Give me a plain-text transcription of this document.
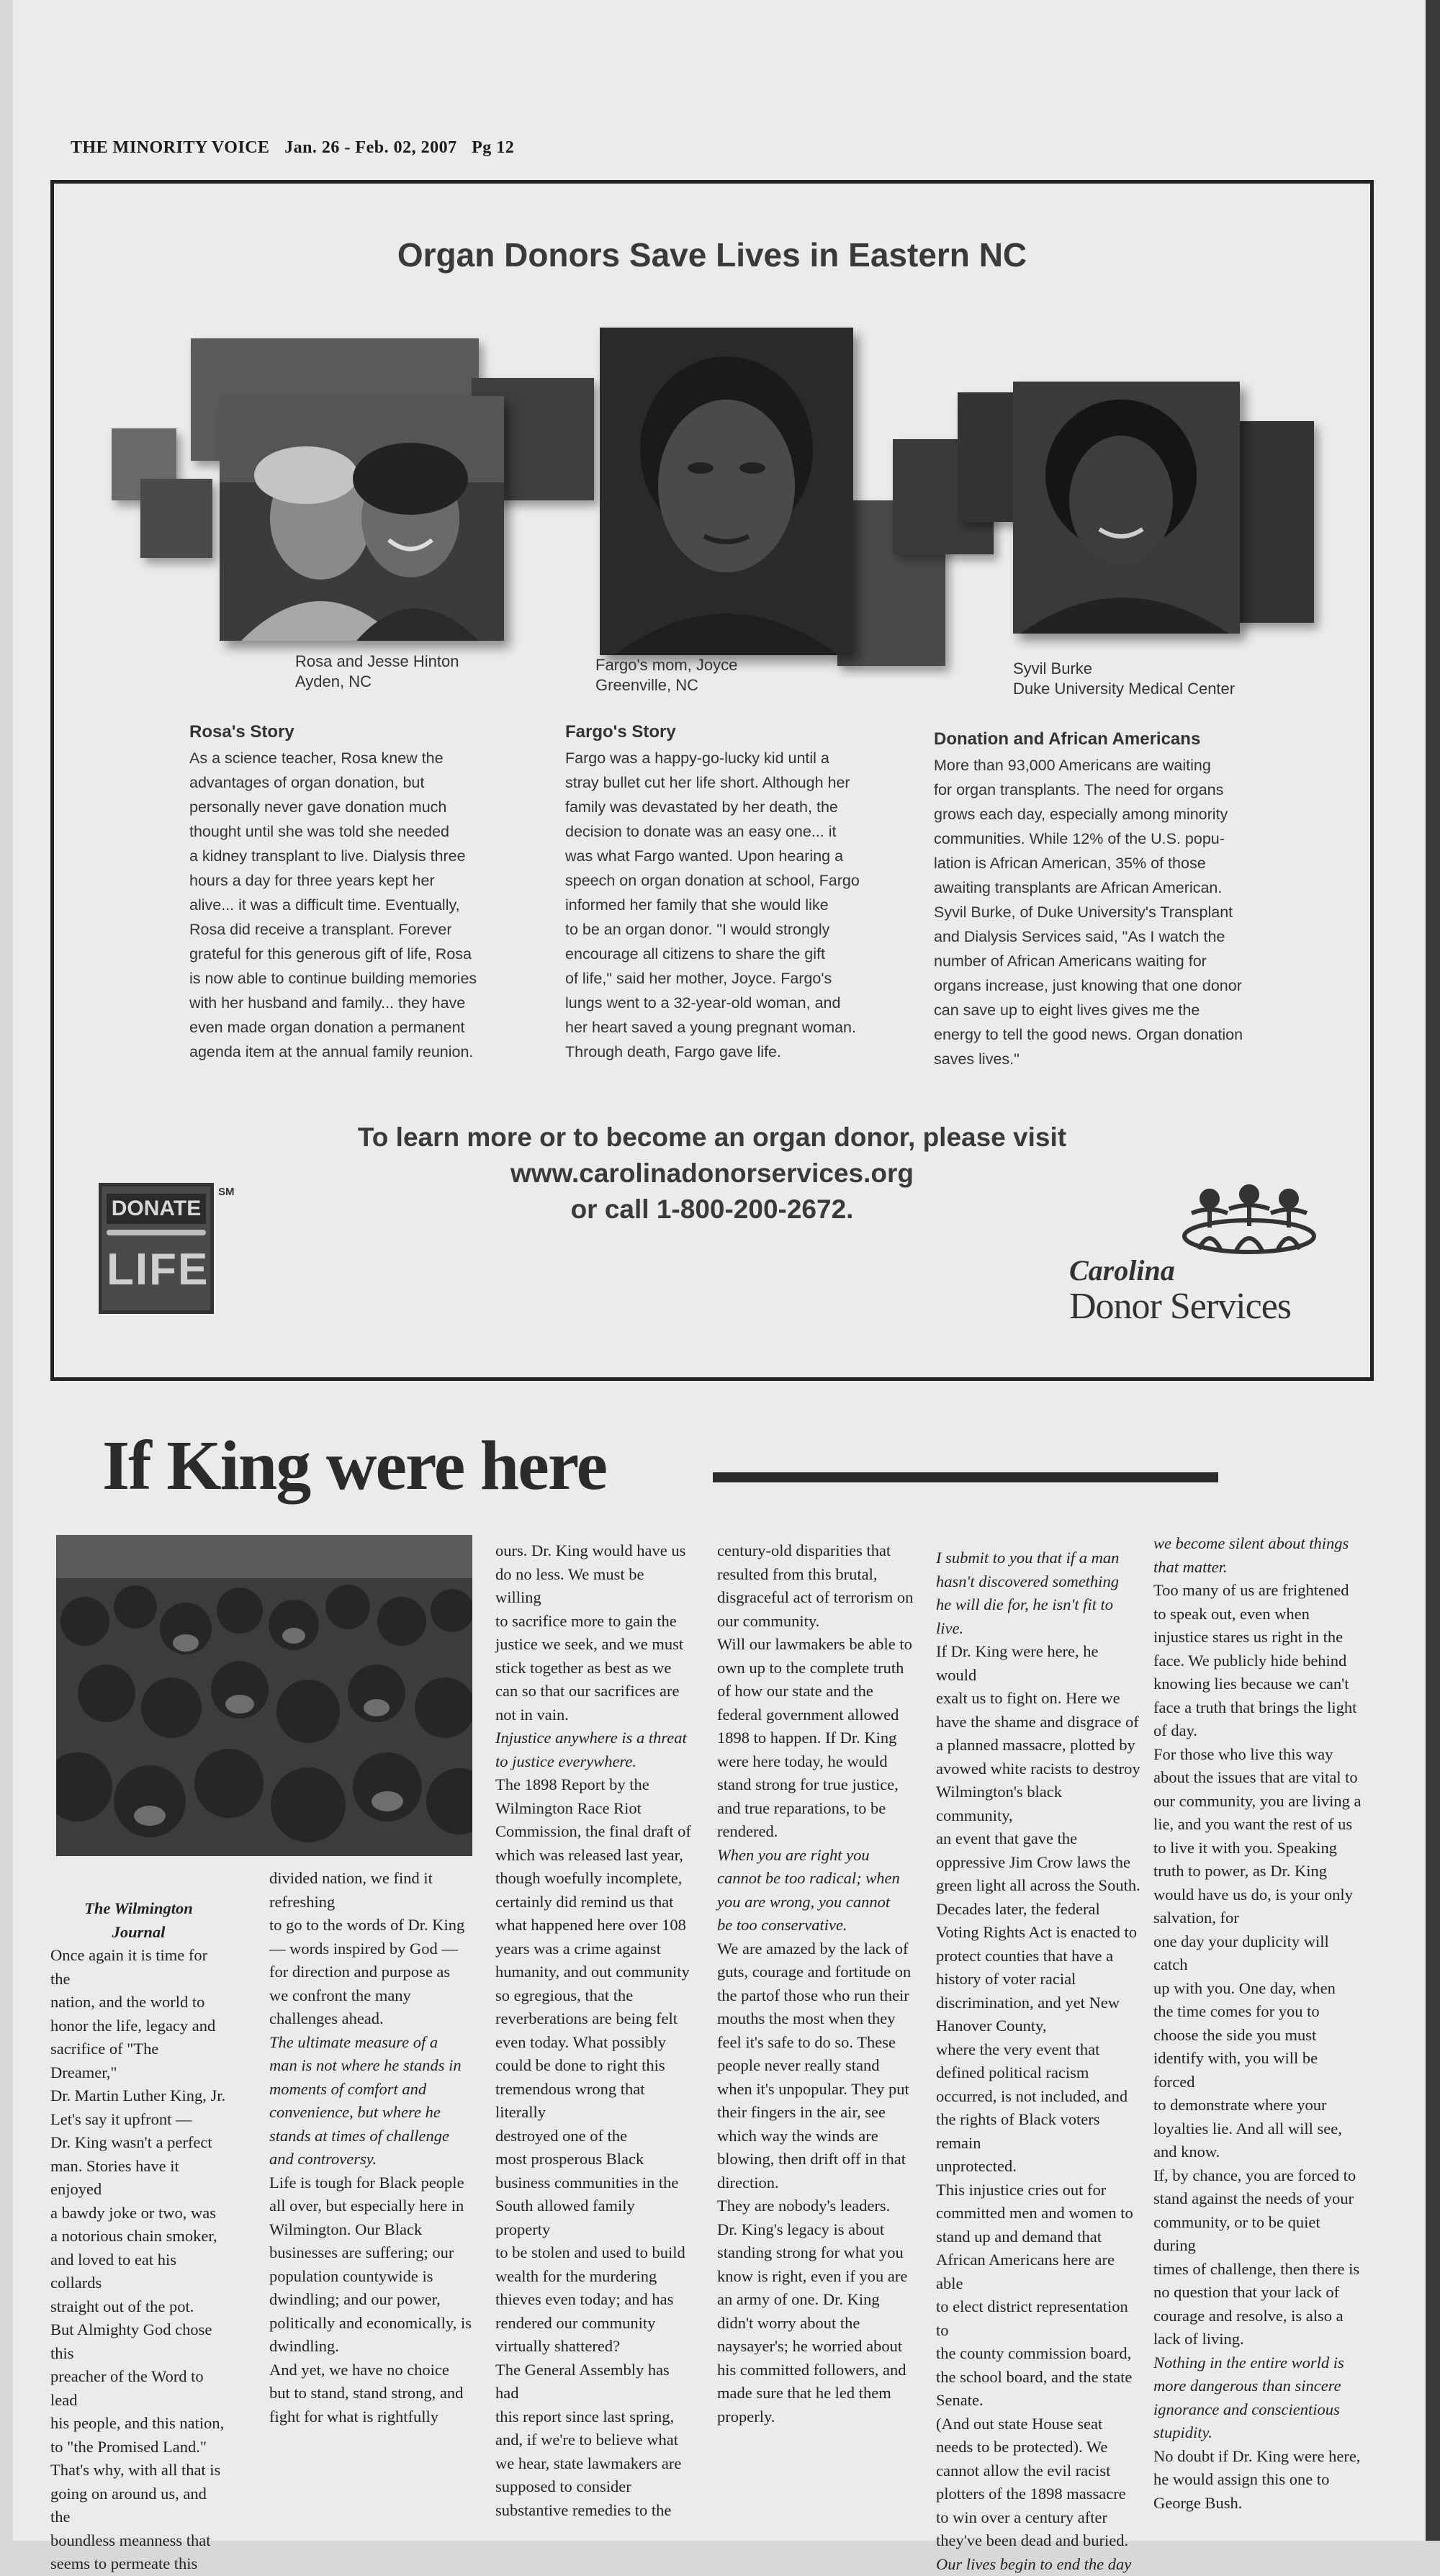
THE MINORITY VOICE Jan. 26 - Feb. 02, 2007 Pg 12
Organ Donors Save Lives in Eastern NC
Rosa and Jesse Hinton
Ayden, NC
Fargo's mom, Joyce
Greenville, NC
Syvil Burke
Duke University Medical Center
Rosa's Story

As a science teacher, Rosa knew the

advantages of organ donation, but

personally never gave donation much

thought until she was told she needed

a kidney transplant to live. Dialysis three

hours a day for three years kept her

alive... it was a difficult time. Eventually,

Rosa did receive a transplant. Forever

grateful for this generous gift of life, Rosa

is now able to continue building memories

with her husband and family... they have

even made organ donation a permanent

agenda item at the annual family reunion.

Fargo's Story

Fargo was a happy-go-lucky kid until a

stray bullet cut her life short. Although her

family was devastated by her death, the

decision to donate was an easy one... it

was what Fargo wanted. Upon hearing a

speech on organ donation at school, Fargo

informed her family that she would like

to be an organ donor. "I would strongly

encourage all citizens to share the gift

of life," said her mother, Joyce. Fargo's

lungs went to a 32-year-old woman, and

her heart saved a young pregnant woman.

Through death, Fargo gave life.

Donation and African Americans

More than 93,000 Americans are waiting

for organ transplants. The need for organs

grows each day, especially among minority

communities. While 12% of the U.S. popu-

lation is African American, 35% of those

awaiting transplants are African American.

Syvil Burke, of Duke University's Transplant

and Dialysis Services said, "As I watch the

number of African Americans waiting for

organs increase, just knowing that one donor

can save up to eight lives gives me the

energy to tell the good news. Organ donation

saves lives."

To learn more or to become an organ donor, please visit
www.carolinadonorservices.org
or call 1-800-200-2672.
DONATE
LIFE
SM
Carolina
Donor Services
If King were here

The Wilmington

Journal

Once again it is time for the

nation, and the world to

honor the life, legacy and

sacrifice of "The Dreamer,"

Dr. Martin Luther King, Jr.

Let's say it upfront —

Dr. King wasn't a perfect

man. Stories have it enjoyed

a bawdy joke or two, was

a notorious chain smoker,

and loved to eat his collards

straight out of the pot.

But Almighty God chose this

preacher of the Word to lead

his people, and this nation,

to "the Promised Land."

That's why, with all that is

going on around us, and the

boundless meanness that

seems to permeate this

divided nation, we find it

refreshing

to go to the words of Dr. King

— words inspired by God —

for direction and purpose as

we confront the many

challenges ahead.

The ultimate measure of a

man is not where he stands in

moments of comfort and

convenience, but where he

stands at times of challenge

and controversy.

Life is tough for Black people

all over, but especially here in

Wilmington. Our Black

businesses are suffering; our

population countywide is

dwindling; and our power,

politically and economically, is

dwindling.

And yet, we have no choice

but to stand, stand strong, and

fight for what is rightfully

ours. Dr. King would have us

do no less. We must be willing

to sacrifice more to gain the

justice we seek, and we must

stick together as best as we

can so that our sacrifices are

not in vain.

Injustice anywhere is a threat

to justice everywhere.

The 1898 Report by the

Wilmington Race Riot

Commission, the final draft of

which was released last year,

though woefully incomplete,

certainly did remind us that

what happened here over 108

years was a crime against

humanity, and out community

so egregious, that the

reverberations are being felt

even today. What possibly

could be done to right this

tremendous wrong that literally

destroyed one of the

most prosperous Black

business communities in the

South allowed family property

to be stolen and used to build

wealth for the murdering

thieves even today; and has

rendered our community

virtually shattered?

The General Assembly has had

this report since last spring,

and, if we're to believe what

we hear, state lawmakers are

supposed to consider

substantive remedies to the

century-old disparities that

resulted from this brutal,

disgraceful act of terrorism on

our community.

Will our lawmakers be able to

own up to the complete truth

of how our state and the

federal government allowed

1898 to happen. If Dr. King

were here today, he would

stand strong for true justice,

and true reparations, to be

rendered.

When you are right you

cannot be too radical; when

you are wrong, you cannot

be too conservative.

We are amazed by the lack of

guts, courage and fortitude on

the partof those who run their

mouths the most when they

feel it's safe to do so. These

people never really stand

when it's unpopular. They put

their fingers in the air, see

which way the winds are

blowing, then drift off in that

direction.

They are nobody's leaders.

Dr. King's legacy is about

standing strong for what you

know is right, even if you are

an army of one. Dr. King

didn't worry about the

naysayer's; he worried about

his committed followers, and

made sure that he led them

properly.

I submit to you that if a man

hasn't discovered something

he will die for, he isn't fit to

live.

If Dr. King were here, he would

exalt us to fight on. Here we

have the shame and disgrace of

a planned massacre, plotted by

avowed white racists to destroy

Wilmington's black community,

an event that gave the

oppressive Jim Crow laws the

green light all across the South.

Decades later, the federal

Voting Rights Act is enacted to

protect counties that have a

history of voter racial

discrimination, and yet New

Hanover County,

where the very event that

defined political racism

occurred, is not included, and

the rights of Black voters remain

unprotected.

This injustice cries out for

committed men and women to

stand up and demand that

African Americans here are able

to elect district representation to

the county commission board,

the school board, and the state

Senate.

(And out state House seat

needs to be protected). We

cannot allow the evil racist

plotters of the 1898 massacre

to win over a century after

they've been dead and buried.

Our lives begin to end the day

we become silent about things

that matter.

Too many of us are frightened

to speak out, even when

injustice stares us right in the

face. We publicly hide behind

knowing lies because we can't

face a truth that brings the light

of day.

For those who live this way

about the issues that are vital to

our community, you are living a

lie, and you want the rest of us

to live it with you. Speaking

truth to power, as Dr. King

would have us do, is your only

salvation, for

one day your duplicity will catch

up with you. One day, when

the time comes for you to

choose the side you must

identify with, you will be forced

to demonstrate where your

loyalties lie. And all will see,

and know.

If, by chance, you are forced to

stand against the needs of your

community, or to be quiet during

times of challenge, then there is

no question that your lack of

courage and resolve, is also a

lack of living.

Nothing in the entire world is

more dangerous than sincere

ignorance and conscientious

stupidity.

No doubt if Dr. King were here,

he would assign this one to

George Bush.
